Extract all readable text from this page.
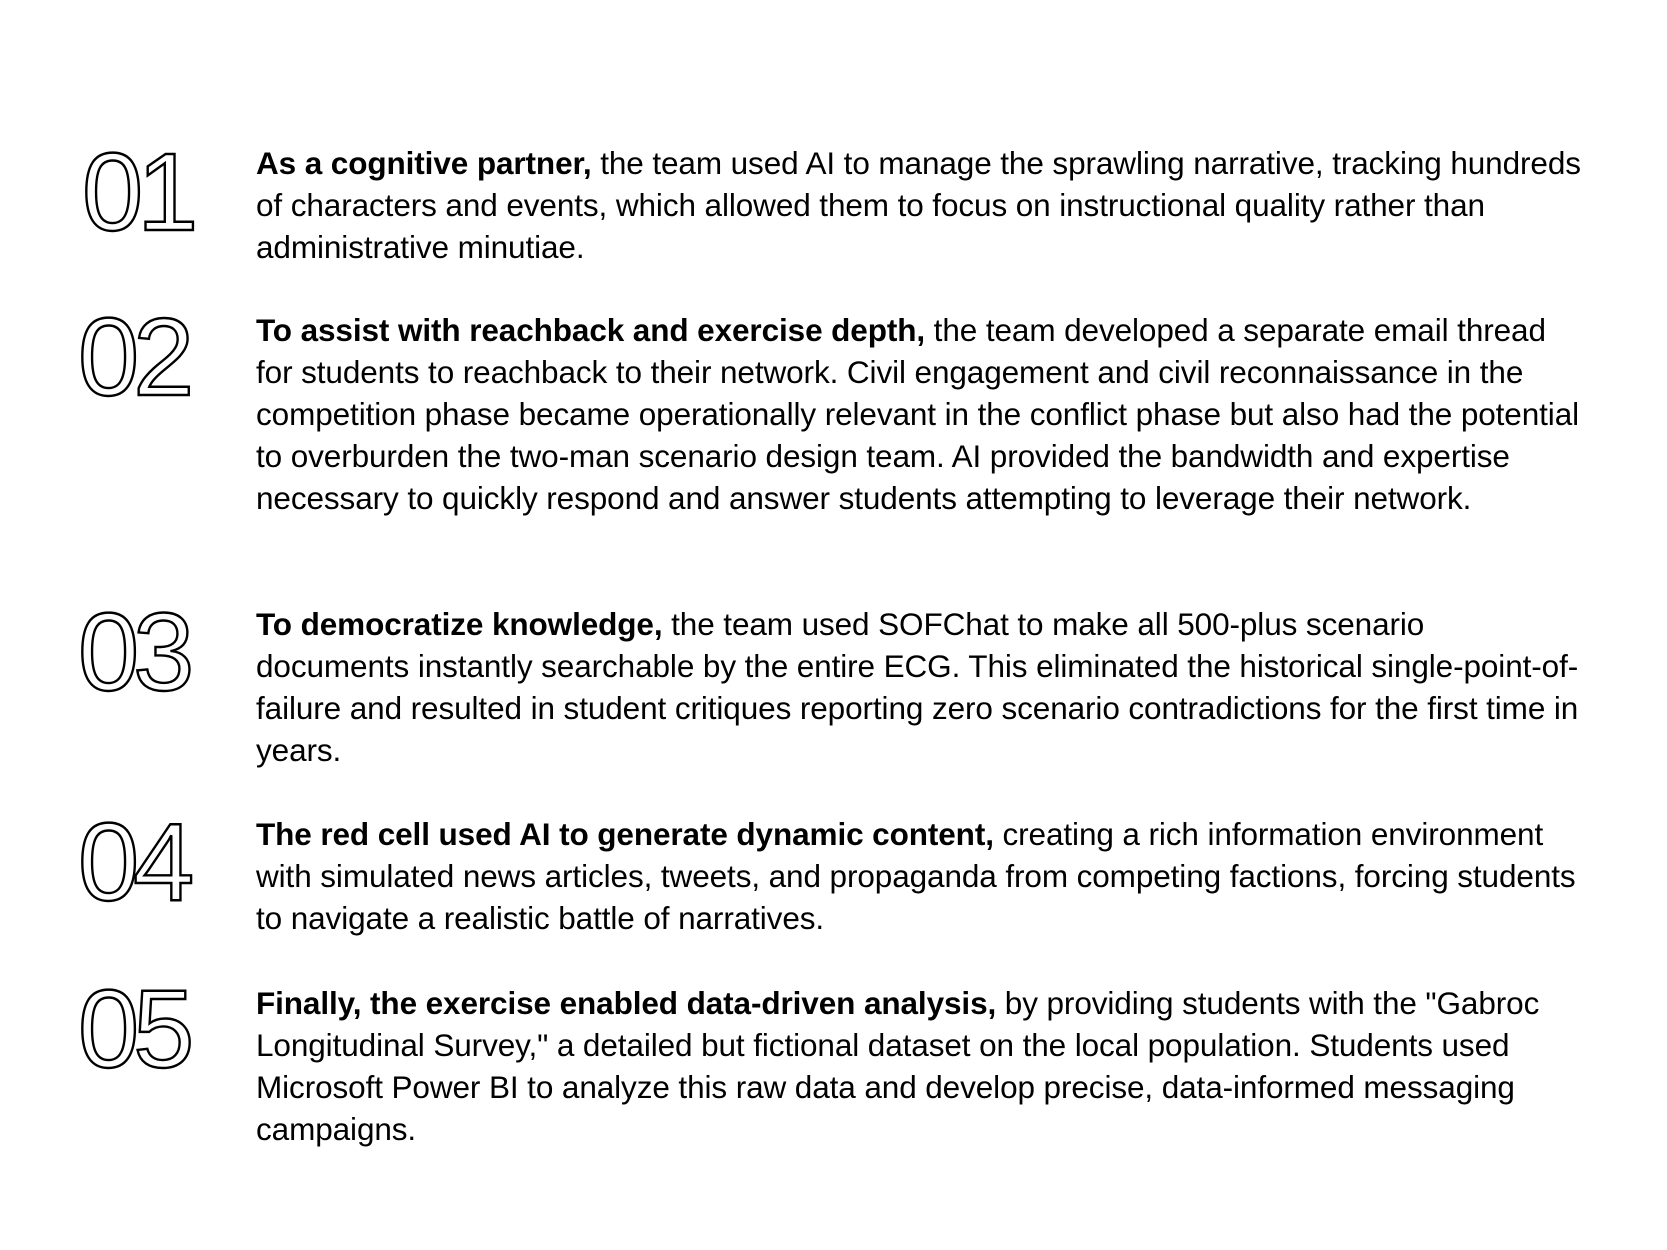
01 As a cognitive partner, the team used AI to manage the sprawling narrative, tracking hundreds of characters and events, which allowed them to focus on instructional quality rather than administrative minutiae.

02 To assist with reachback and exercise depth, the team developed a separate email thread for students to reachback to their network. Civil engagement and civil reconnaissance in the competition phase became operationally relevant in the conflict phase but also had the potential to overburden the two-man scenario design team. AI provided the bandwidth and expertise necessary to quickly respond and answer students attempting to leverage their network.

03 To democratize knowledge, the team used SOFChat to make all 500-plus scenario documents instantly searchable by the entire ECG. This eliminated the historical single-point-of-failure and resulted in student critiques reporting zero scenario contradictions for the first time in years.

04 The red cell used AI to generate dynamic content, creating a rich information environment with simulated news articles, tweets, and propaganda from competing factions, forcing students to navigate a realistic battle of narratives.

05 Finally, the exercise enabled data-driven analysis, by providing students with the "Gabroc Longitudinal Survey," a detailed but fictional dataset on the local population. Students used Microsoft Power BI to analyze this raw data and develop precise, data-informed messaging campaigns.
